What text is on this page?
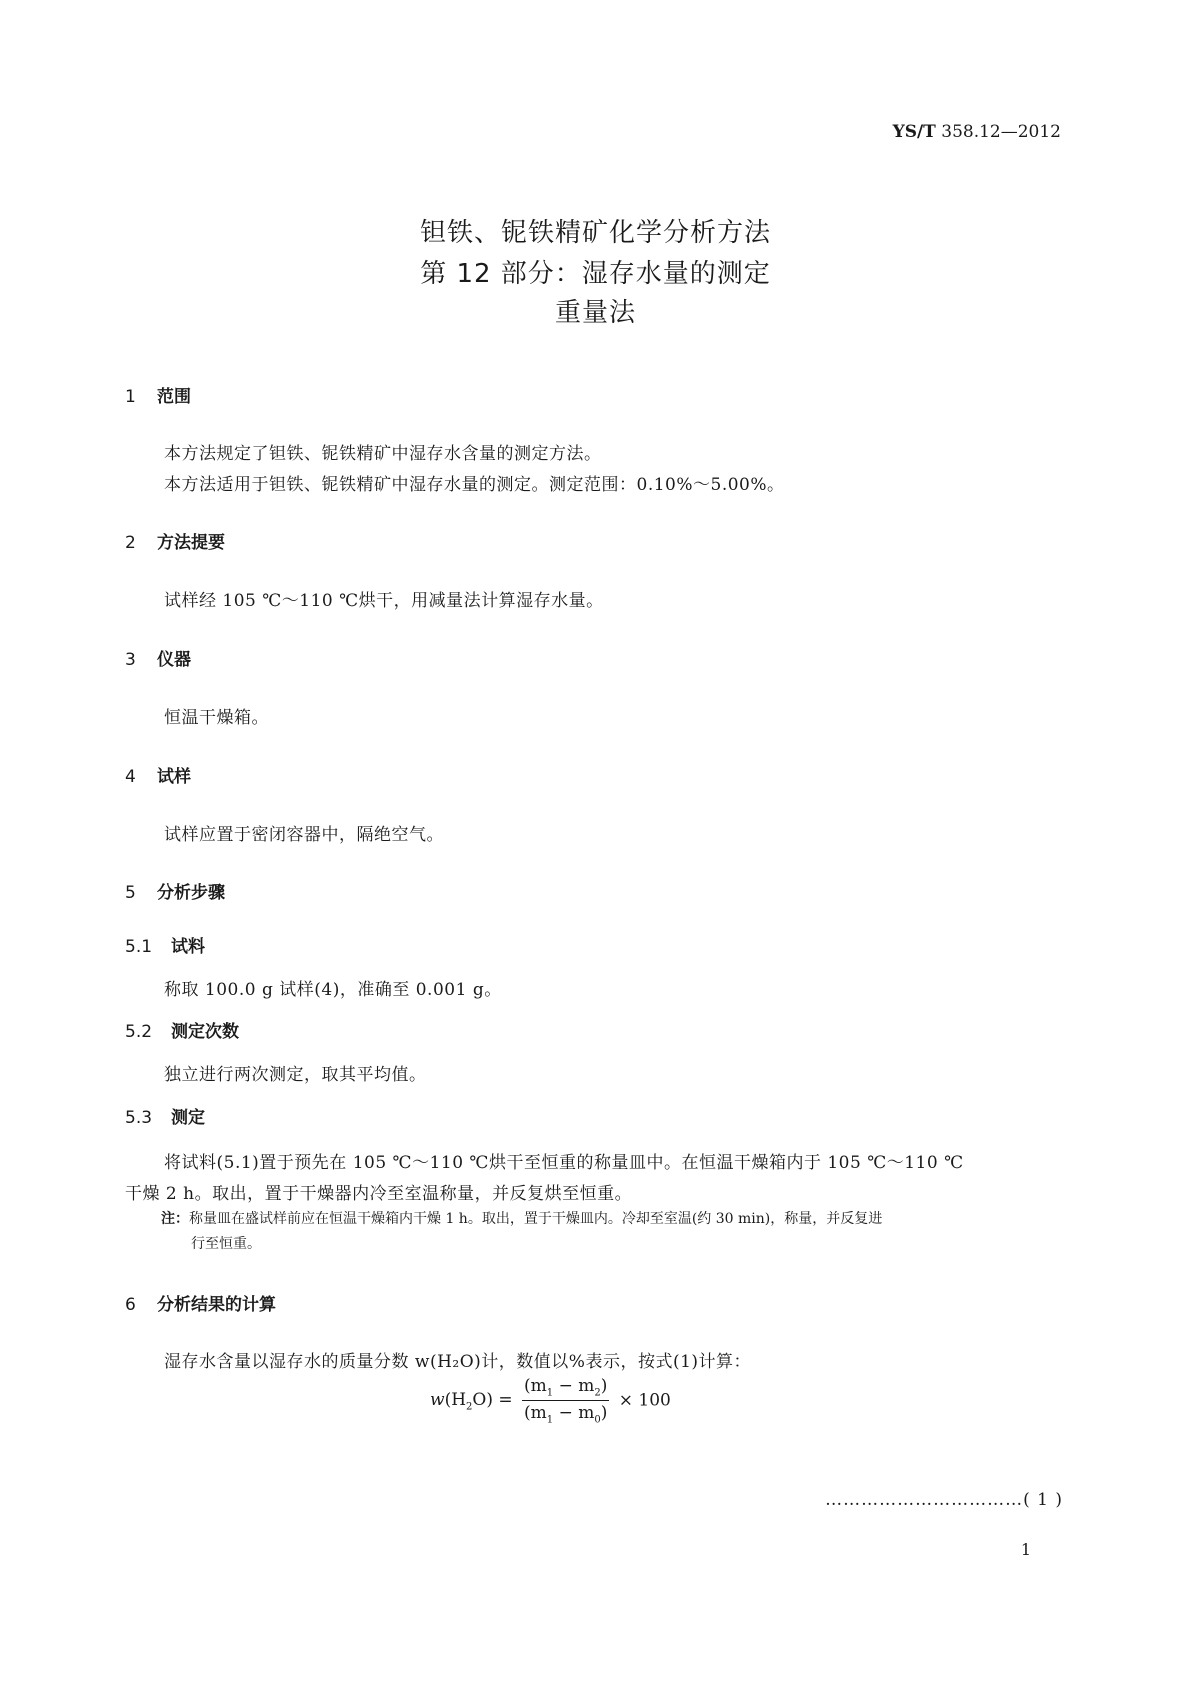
YS/T 358.12—2012
钽铁、铌铁精矿化学分析方法
第 12 部分：湿存水量的测定
重量法
1 范围
本方法规定了钽铁、铌铁精矿中湿存水含量的测定方法。
本方法适用于钽铁、铌铁精矿中湿存水量的测定。测定范围：0.10%～5.00%。
2 方法提要
试样经 105 ℃～110 ℃烘干，用减量法计算湿存水量。
3 仪器
恒温干燥箱。
4 试样
试样应置于密闭容器中，隔绝空气。
5 分析步骤
5.1 试料
称取 100.0 g 试样(4)，准确至 0.001 g。
5.2 测定次数
独立进行两次测定，取其平均值。
5.3 测定
将试料(5.1)置于预先在 105 ℃～110 ℃烘干至恒重的称量皿中。在恒温干燥箱内于 105 ℃～110 ℃
干燥 2 h。取出，置于干燥器内冷至室温称量，并反复烘至恒重。
注：称量皿在盛试样前应在恒温干燥箱内干燥 1 h。取出，置于干燥皿内。冷却至室温(约 30 min)，称量，并反复进
行至恒重。
6 分析结果的计算
湿存水含量以湿存水的质量分数 w(H₂O)计，数值以%表示，按式(1)计算：
$w(H_2O) = \frac{(m_1 - m_2)}{(m_1 - m_0)} \times 100$
……………………………( 1 )
1
